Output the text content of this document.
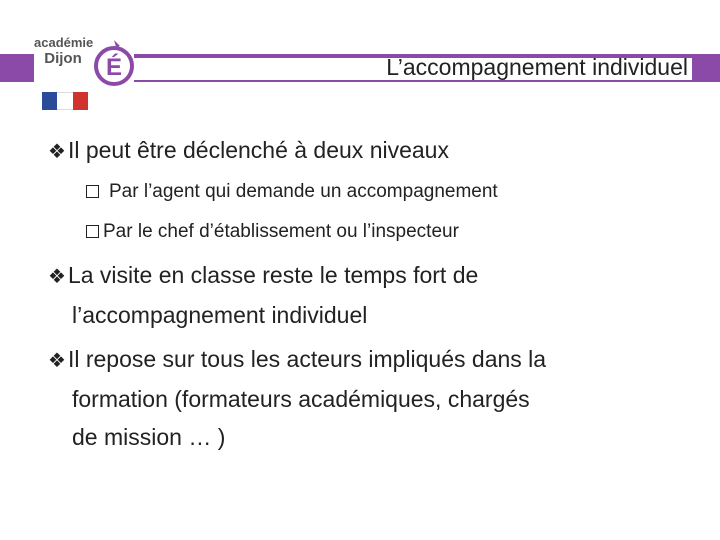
L’accompagnement individuel
académie
Dijon	É
❖Il peut être déclenché à deux niveaux
Par l’agent qui demande un accompagnement
Par le chef d’établissement ou l’inspecteur
❖La visite en classe reste le temps fort de
l’accompagnement individuel
❖Il repose sur tous les acteurs impliqués dans la
formation (formateurs académiques, chargés
de mission … )
